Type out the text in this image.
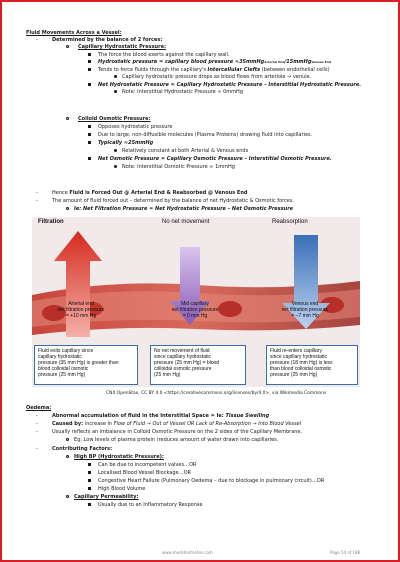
Fluid Movements Across a Vessel:
-	Determined by the balance of 2 forces:
Capillary Hydrostatic Pressure:
The force the blood exerts against the capillary wall.
Hydrostatic pressure = capillary blood pressure ≈35mmHgArterial End/15mmHgVenous End
Tends to force fluids through the capillary's Intercellular Clefts (between endothelial cells)
Capillary hydrostatic pressure drops as blood flows from arteriole → venule.
Net Hydrostatic Pressure = Capillary Hydrostatic Pressure – Interstitial Hydrostatic Pressure.
Note: Interstitial Hydrostatic Pressure ≈ 0mmHg
Colloid Osmotic Pressure:
Opposes hydrostatic pressure
Due to large, non-diffusible molecules (Plasma Proteins) drawing fluid into capillaries.
Typically ≈25mmHg
Relatively constant at both Arterial & Venous ends
Net Osmotic Pressure = Capillary Osmotic Pressure – Interstitial Osmotic Pressure.
Note: Interstitial Osmotic Pressure ≈ 1mmHg
-	Hence Fluid is Forced Out @ Arterial End & Reabsorbed @ Venous End
-	The amount of fluid forced out – determined by the balance of net Hydrostatic & Osmotic forces.
Ie: Net Filtration Pressure = Net Hydrostatic Pressure – Net Osmotic Pressure
Filtration	No net movement	Reabsorption
Arterial end
net filtration pressure
= +10 mm Hg
Mid capillary
net filtration pressure
= 0 mm Hg
Venous end
net filtration pressure
= −7 mm Hg
Fluid exits capillary since
capillary hydrostatic
pressure (35 mm Hg) is greater than
blood colloidal osmotic
pressure (25 mm Hg)
No net movement of fluid
since capillary hydrostatic
pressure (25 mm Hg) = blood
colloidal osmotic pressure
(25 mm Hg)
Fluid re-enters capillary
since capillary hydrostatic
pressure (18 mm Hg) is less
than blood colloidal osmotic
pressure (25 mm Hg)
CNX OpenStax, CC BY 4.0 <https://creativecommons.org/licenses/by/4.0>, via Wikimedia Commons
Oedema:
-	Abnormal accumulation of fluid in the Interstitial Space = Ie: Tissue Swelling
-	Caused by: increase in Flow of Fluid → Out of Vessel OR Lack of Re-Absorption → Into Blood Vessel
-	Usually reflects an imbalance in Colloid Osmotic Pressure on the 2 sides of the Capillary Membrane.
Eg: Low levels of plasma protein (reduces amount of water drawn into capillaries.
-	Contributing Factors:
High BP (Hydrostatic Pressure):
Can be due to incompetent valves…OR
Localised Blood Vessel Blockage…OR
Congestive Heart Failure (Pulmonary Oedema – due to blockage in pulmonary circuit)…OR
High Blood Volume
Capillary Permeability:
Usually due to an Inflammatory Response
www.medshortnotes.com	Page 54 of 188
